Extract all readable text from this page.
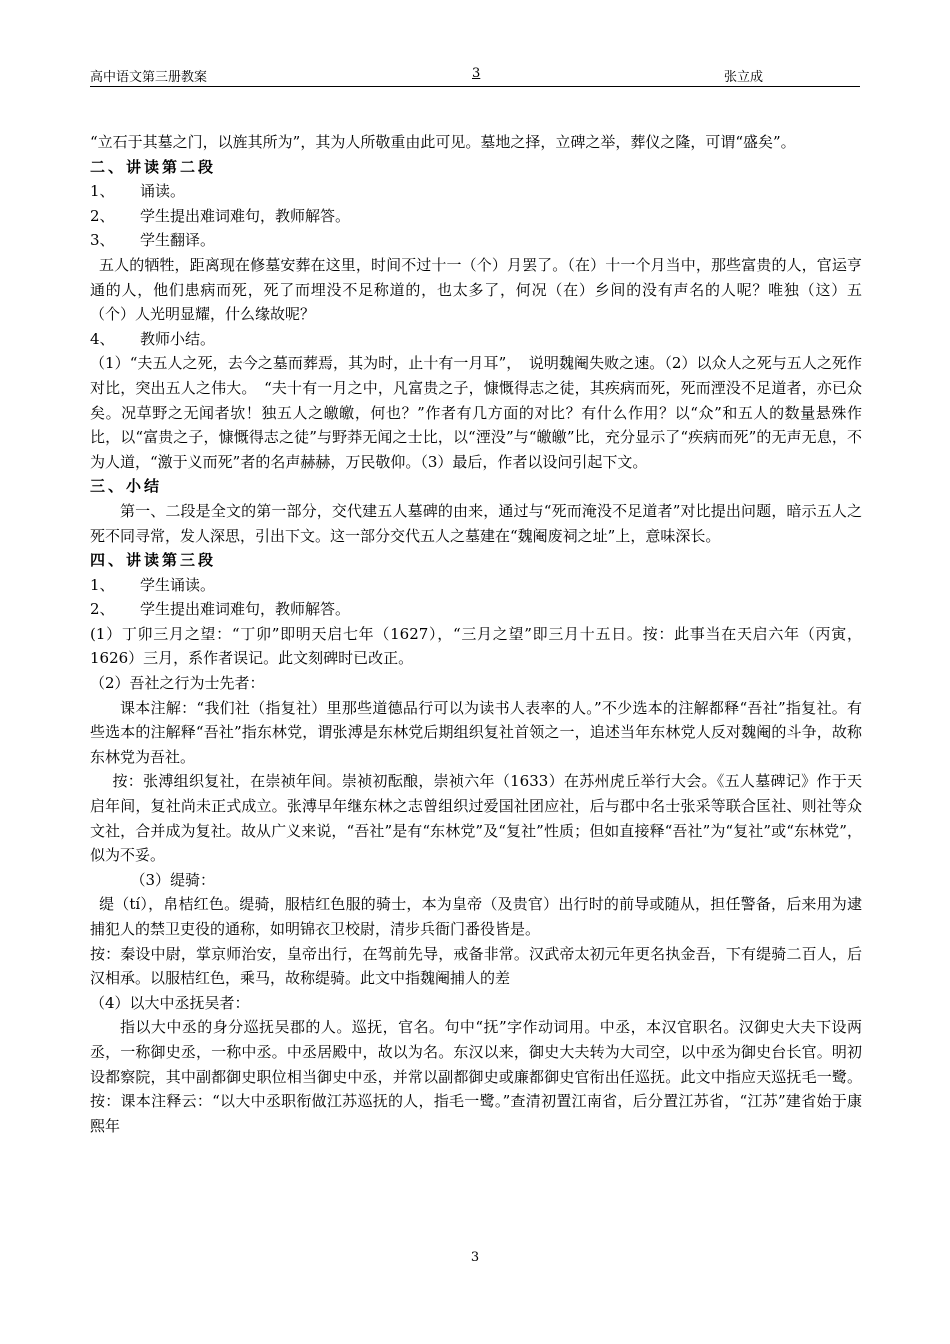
高中语文第三册教案	3	张立成

“立石于其墓之门，以旌其所为”，其为人所敬重由此可见。墓地之择，立碑之举，葬仪之隆，可谓“盛矣”。

二、讲读第二段
1、	诵读。
2、	学生提出难词难句，教师解答。
3、	学生翻译。

五人的牺牲，距离现在修墓安葬在这里，时间不过十一（个）月罢了。（在）十一个月当中，那些富贵的人，官运亨通的人，他们患病而死，死了而埋没不足称道的，也太多了，何况（在）乡间的没有声名的人呢？唯独（这）五（个）人光明显耀，什么缘故呢？

4、	教师小结。

（1）“夫五人之死，去今之墓而葬焉，其为时，止十有一月耳”，　说明魏阉失败之速。（2）以众人之死与五人之死作对比，突出五人之伟大。　“夫十有一月之中，凡富贵之子，慷慨得志之徒，其疾病而死，死而湮没不足道者，亦已众矣。况草野之无闻者欤！独五人之皦皦，何也？”作者有几方面的对比？有什么作用？以“众”和五人的数量悬殊作比，以“富贵之子，慷慨得志之徒”与野莽无闻之士比，以“湮没”与“皦皦”比，充分显示了“疾病而死”的无声无息，不为人道，“激于义而死”者的名声赫赫，万民敬仰。（3）最后，作者以设问引起下文。

三、小结

第一、二段是全文的第一部分，交代建五人墓碑的由来，通过与“死而淹没不足道者”对比提出问题，暗示五人之死不同寻常，发人深思，引出下文。这一部分交代五人之墓建在“魏阉废祠之址”上，意味深长。

四、讲读第三段
1、	学生诵读。
2、	学生提出难词难句，教师解答。

(1）丁卯三月之望：“丁卯”即明天启七年（1627），“三月之望”即三月十五日。按：此事当在天启六年（丙寅，1626）三月，系作者误记。此文刻碑时已改正。

（2）吾社之行为士先者：

课本注解：“我们社（指复社）里那些道德品行可以为读书人表率的人。”不少选本的注解都释“吾社”指复社。有些选本的注解释“吾社”指东林党，谓张溥是东林党后期组织复社首领之一，追述当年东林党人反对魏阉的斗争，故称东林党为吾社。

按：张溥组织复社，在崇祯年间。崇祯初酝酿，崇祯六年（1633）在苏州虎丘举行大会。《五人墓碑记》作于天启年间，复社尚未正式成立。张溥早年继东林之志曾组织过爱国社团应社，后与郡中名士张采等联合匡社、则社等众文社，合并成为复社。故从广义来说，“吾社”是有“东林党”及“复社”性质；但如直接释“吾社”为“复社”或“东林党”，似为不妥。

（3）缇骑：

缇（tí），帛桔红色。缇骑，服桔红色服的骑士，本为皇帝（及贵官）出行时的前导或随从，担任警备，后来用为逮捕犯人的禁卫吏役的通称，如明锦衣卫校尉，清步兵衙门番役皆是。

按：秦设中尉，掌京师治安，皇帝出行，在驾前先导，戒备非常。汉武帝太初元年更名执金吾，下有缇骑二百人，后汉相承。以服桔红色，乘马，故称缇骑。此文中指魏阉捕人的差

（4）以大中丞抚吴者：

指以大中丞的身分巡抚吴郡的人。巡抚，官名。句中“抚”字作动词用。中丞，本汉官职名。汉御史大夫下设两丞，一称御史丞，一称中丞。中丞居殿中，故以为名。东汉以来，御史大夫转为大司空，以中丞为御史台长官。明初设都察院，其中副都御史职位相当御史中丞，并常以副都御史或廉都御史官衔出任巡抚。此文中指应天巡抚毛一鹭。按：课本注释云：“以大中丞职衔做江苏巡抚的人，指毛一鹭。”查清初置江南省，后分置江苏省，“江苏”建省始于康熙年

3
